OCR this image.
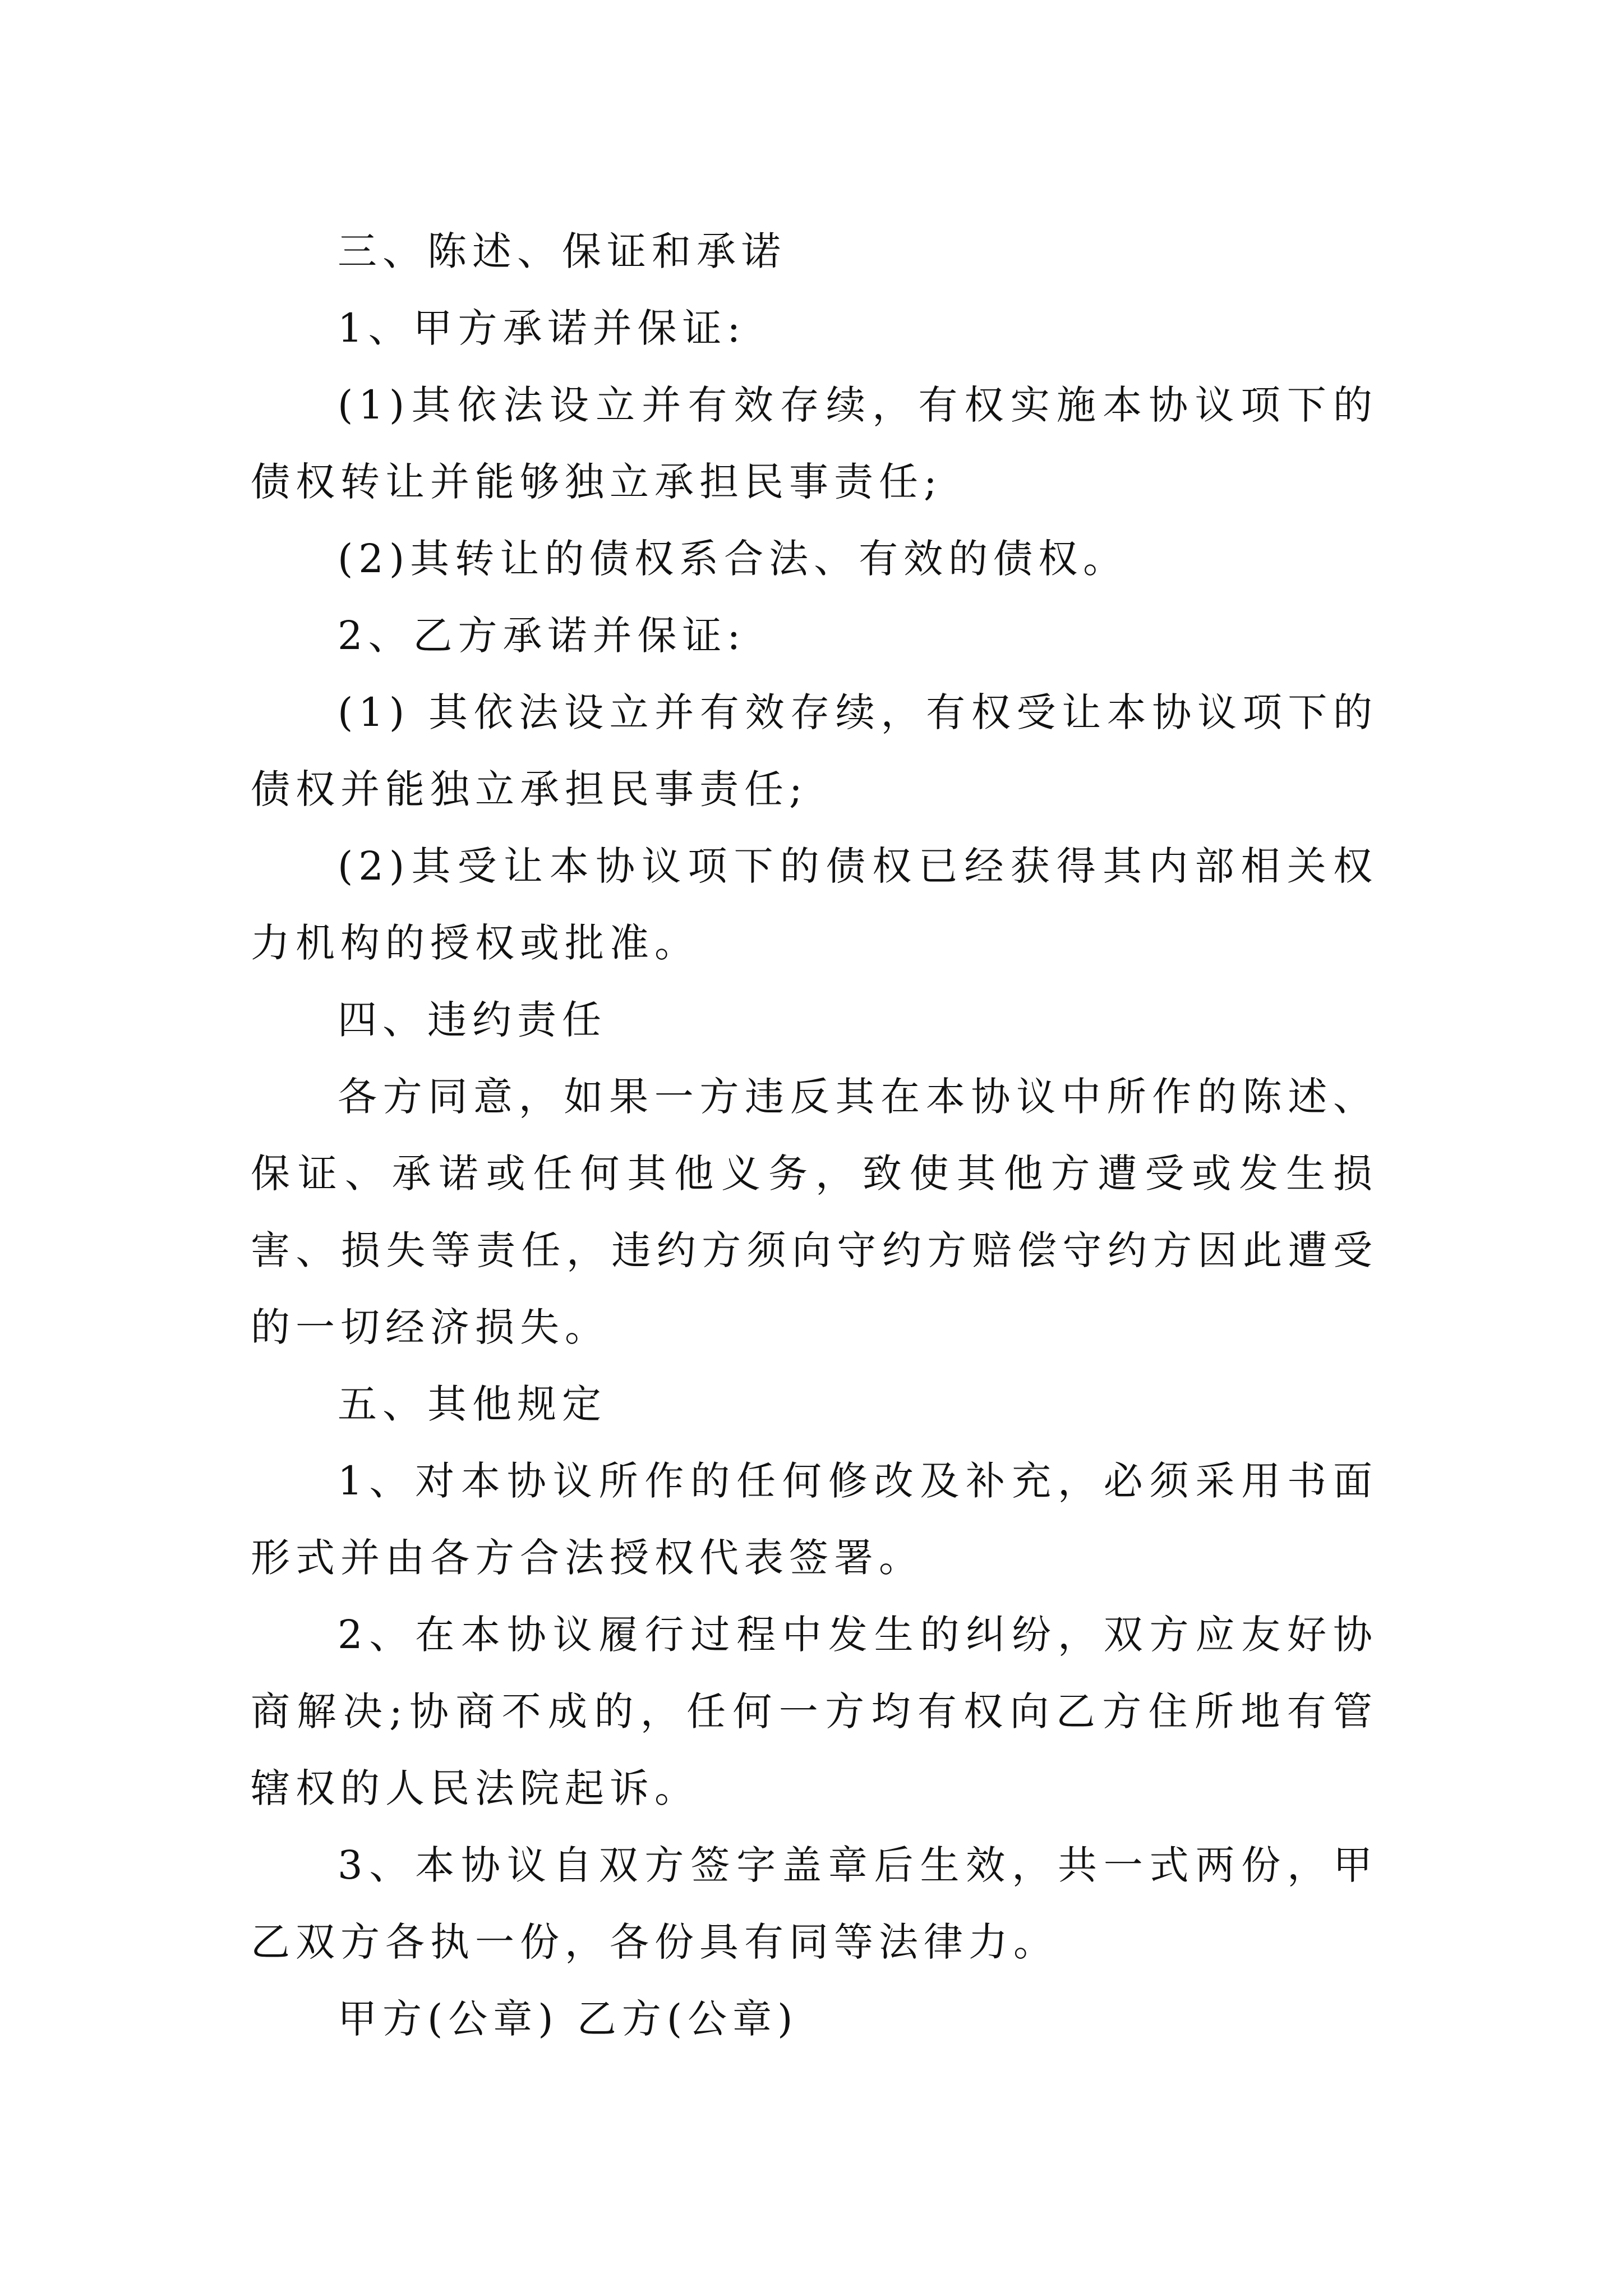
三、陈述、保证和承诺

1、甲方承诺并保证:

(1)其依法设立并有效存续，有权实施本协议项下的债权转让并能够独立承担民事责任;

(2)其转让的债权系合法、有效的债权。

2、乙方承诺并保证:

(1) 其依法设立并有效存续，有权受让本协议项下的债权并能独立承担民事责任;

(2)其受让本协议项下的债权已经获得其内部相关权力机构的授权或批准。

四、违约责任

各方同意，如果一方违反其在本协议中所作的陈述、保证、承诺或任何其他义务，致使其他方遭受或发生损害、损失等责任，违约方须向守约方赔偿守约方因此遭受的一切经济损失。

五、其他规定

1、对本协议所作的任何修改及补充，必须采用书面形式并由各方合法授权代表签署。

2、在本协议履行过程中发生的纠纷，双方应友好协商解决;协商不成的，任何一方均有权向乙方住所地有管辖权的人民法院起诉。

3、本协议自双方签字盖章后生效，共一式两份，甲乙双方各执一份，各份具有同等法律力。

甲方(公章) 乙方(公章)
